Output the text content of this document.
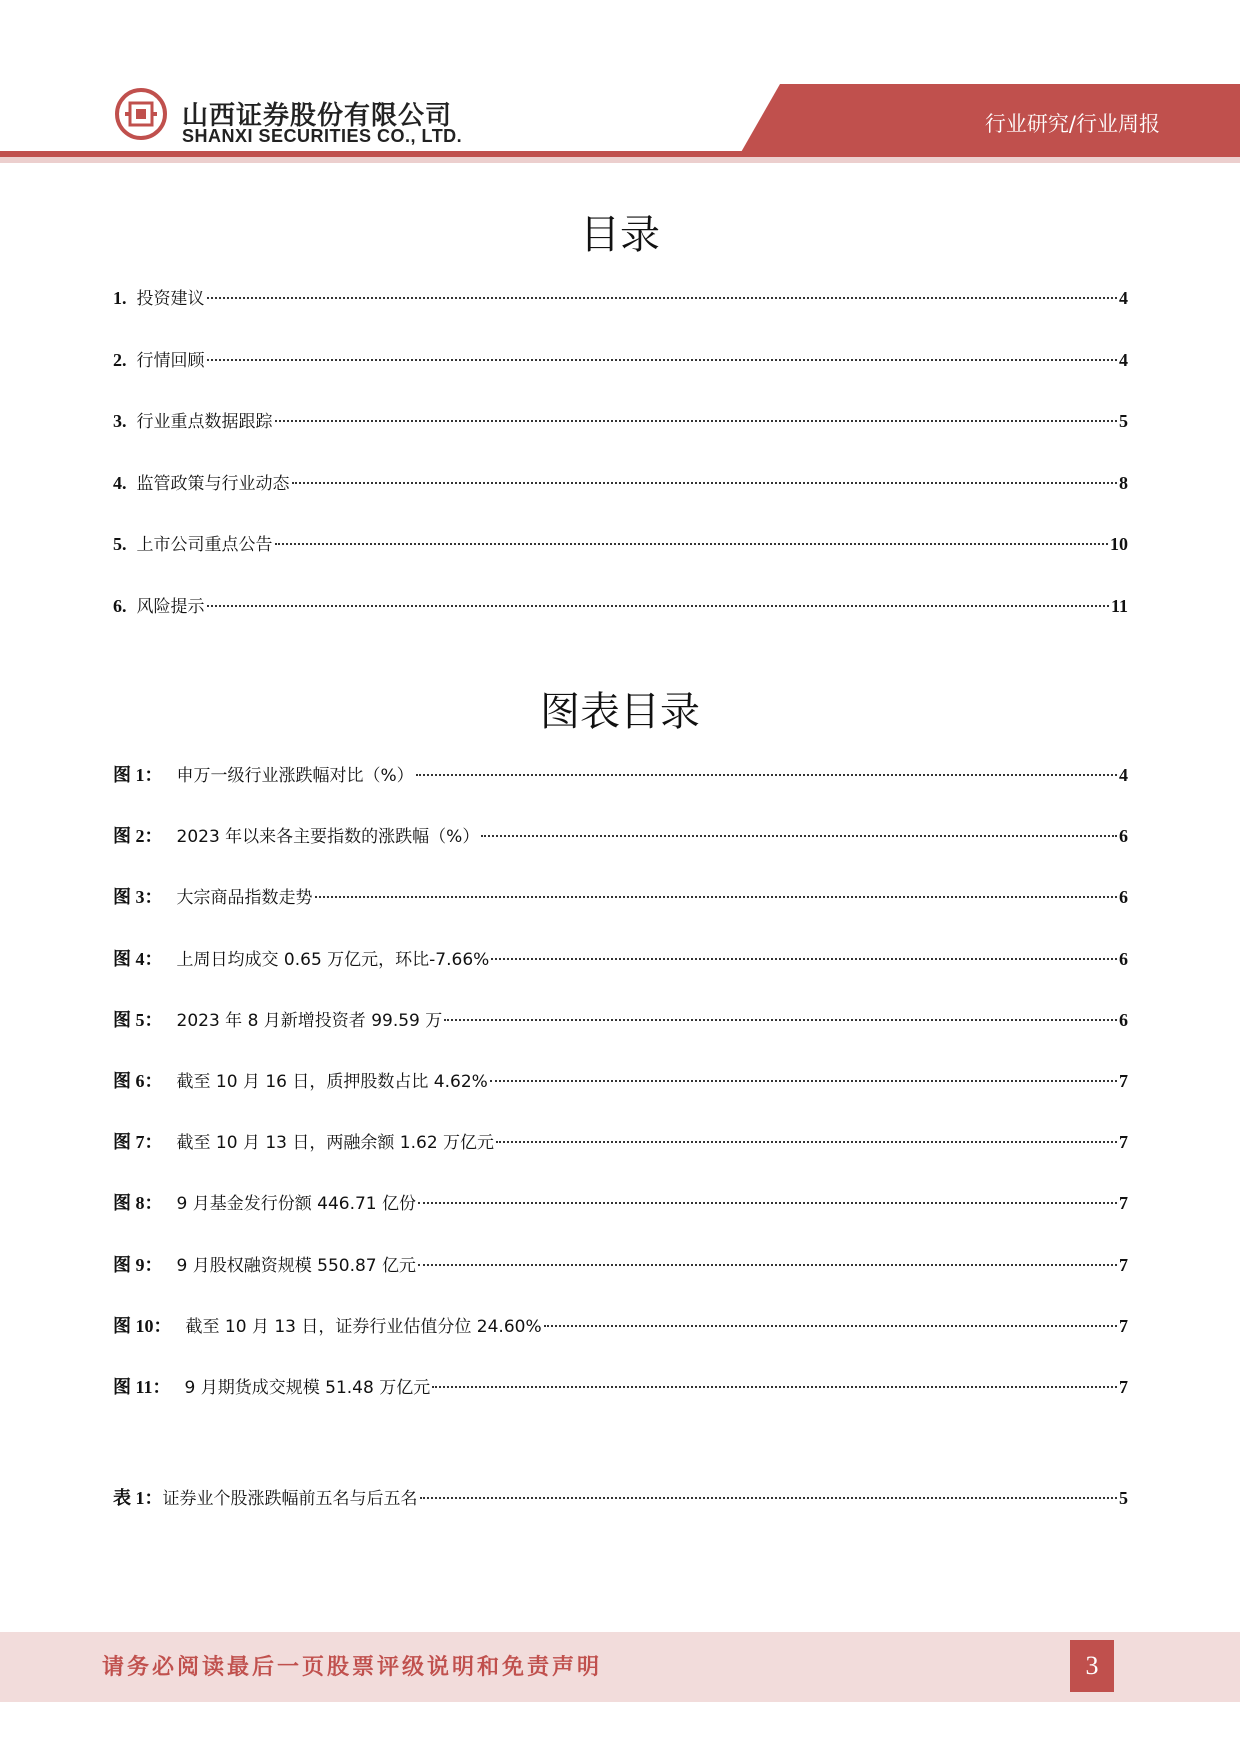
山西证券股份有限公司
SHANXI SECURITIES CO., LTD.	行业研究/行业周报
目录
1. 投资建议	4
2. 行情回顾	4
3. 行业重点数据跟踪	5
4. 监管政策与行业动态	8
5. 上市公司重点公告	10
6. 风险提示	11
图表目录
图 1： 申万一级行业涨跌幅对比（%）	4
图 2： 2023 年以来各主要指数的涨跌幅（%）	6
图 3： 大宗商品指数走势	6
图 4： 上周日均成交 0.65 万亿元，环比-7.66%	6
图 5： 2023 年 8 月新增投资者 99.59 万	6
图 6： 截至 10 月 16 日，质押股数占比 4.62%	7
图 7： 截至 10 月 13 日，两融余额 1.62 万亿元	7
图 8： 9 月基金发行份额 446.71 亿份	7
图 9： 9 月股权融资规模 550.87 亿元	7
图 10： 截至 10 月 13 日，证券行业估值分位 24.60%	7
图 11： 9 月期货成交规模 51.48 万亿元	7
表 1： 证券业个股涨跌幅前五名与后五名	5
请务必阅读最后一页股票评级说明和免责声明	3
